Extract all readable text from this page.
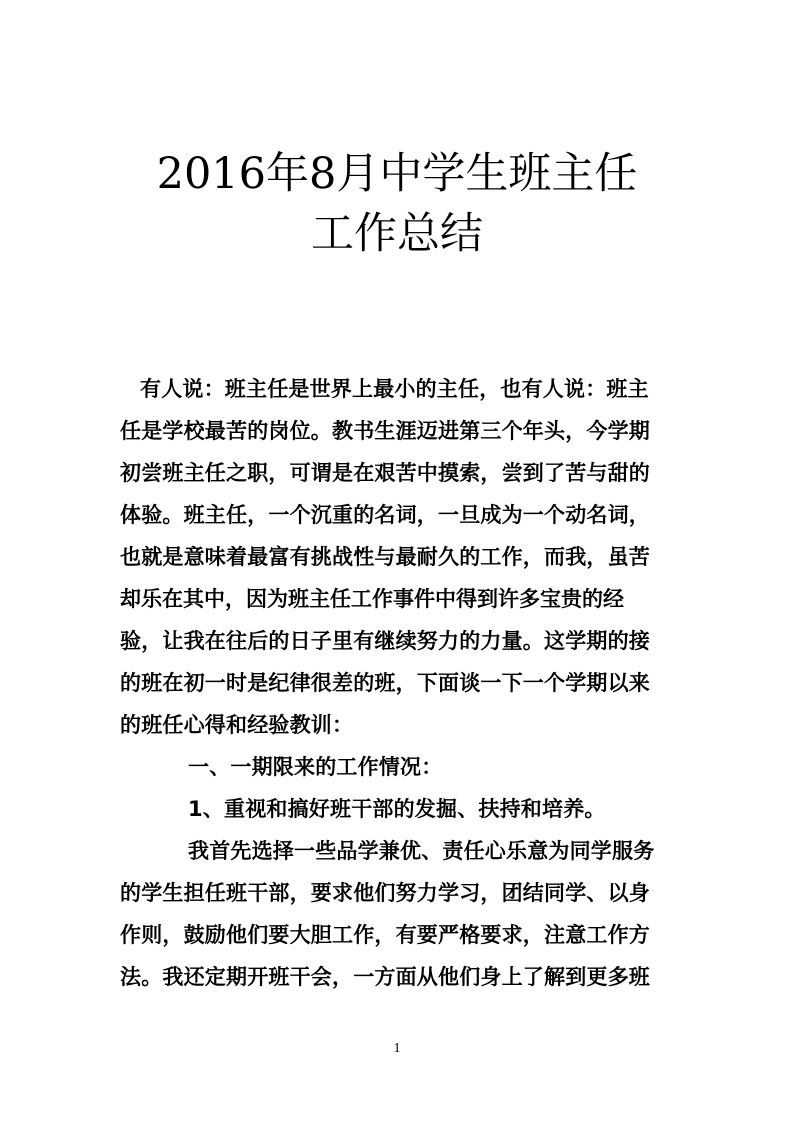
2016年8月中学生班主任
工作总结

有人说：班主任是世界上最小的主任，也有人说：班主

任是学校最苦的岗位。教书生涯迈进第三个年头，今学期

初尝班主任之职，可谓是在艰苦中摸索，尝到了苦与甜的

体验。班主任，一个沉重的名词，一旦成为一个动名词，

也就是意味着最富有挑战性与最耐久的工作，而我，虽苦

却乐在其中，因为班主任工作事件中得到许多宝贵的经

验，让我在往后的日子里有继续努力的力量。这学期的接

的班在初一时是纪律很差的班，下面谈一下一个学期以来

的班任心得和经验教训：

一、一期限来的工作情况：

1、重视和搞好班干部的发掘、扶持和培养。

我首先选择一些品学兼优、责任心乐意为同学服务

的学生担任班干部，要求他们努力学习，团结同学、以身

作则，鼓励他们要大胆工作，有要严格要求，注意工作方

法。我还定期开班干会，一方面从他们身上了解到更多班

1
